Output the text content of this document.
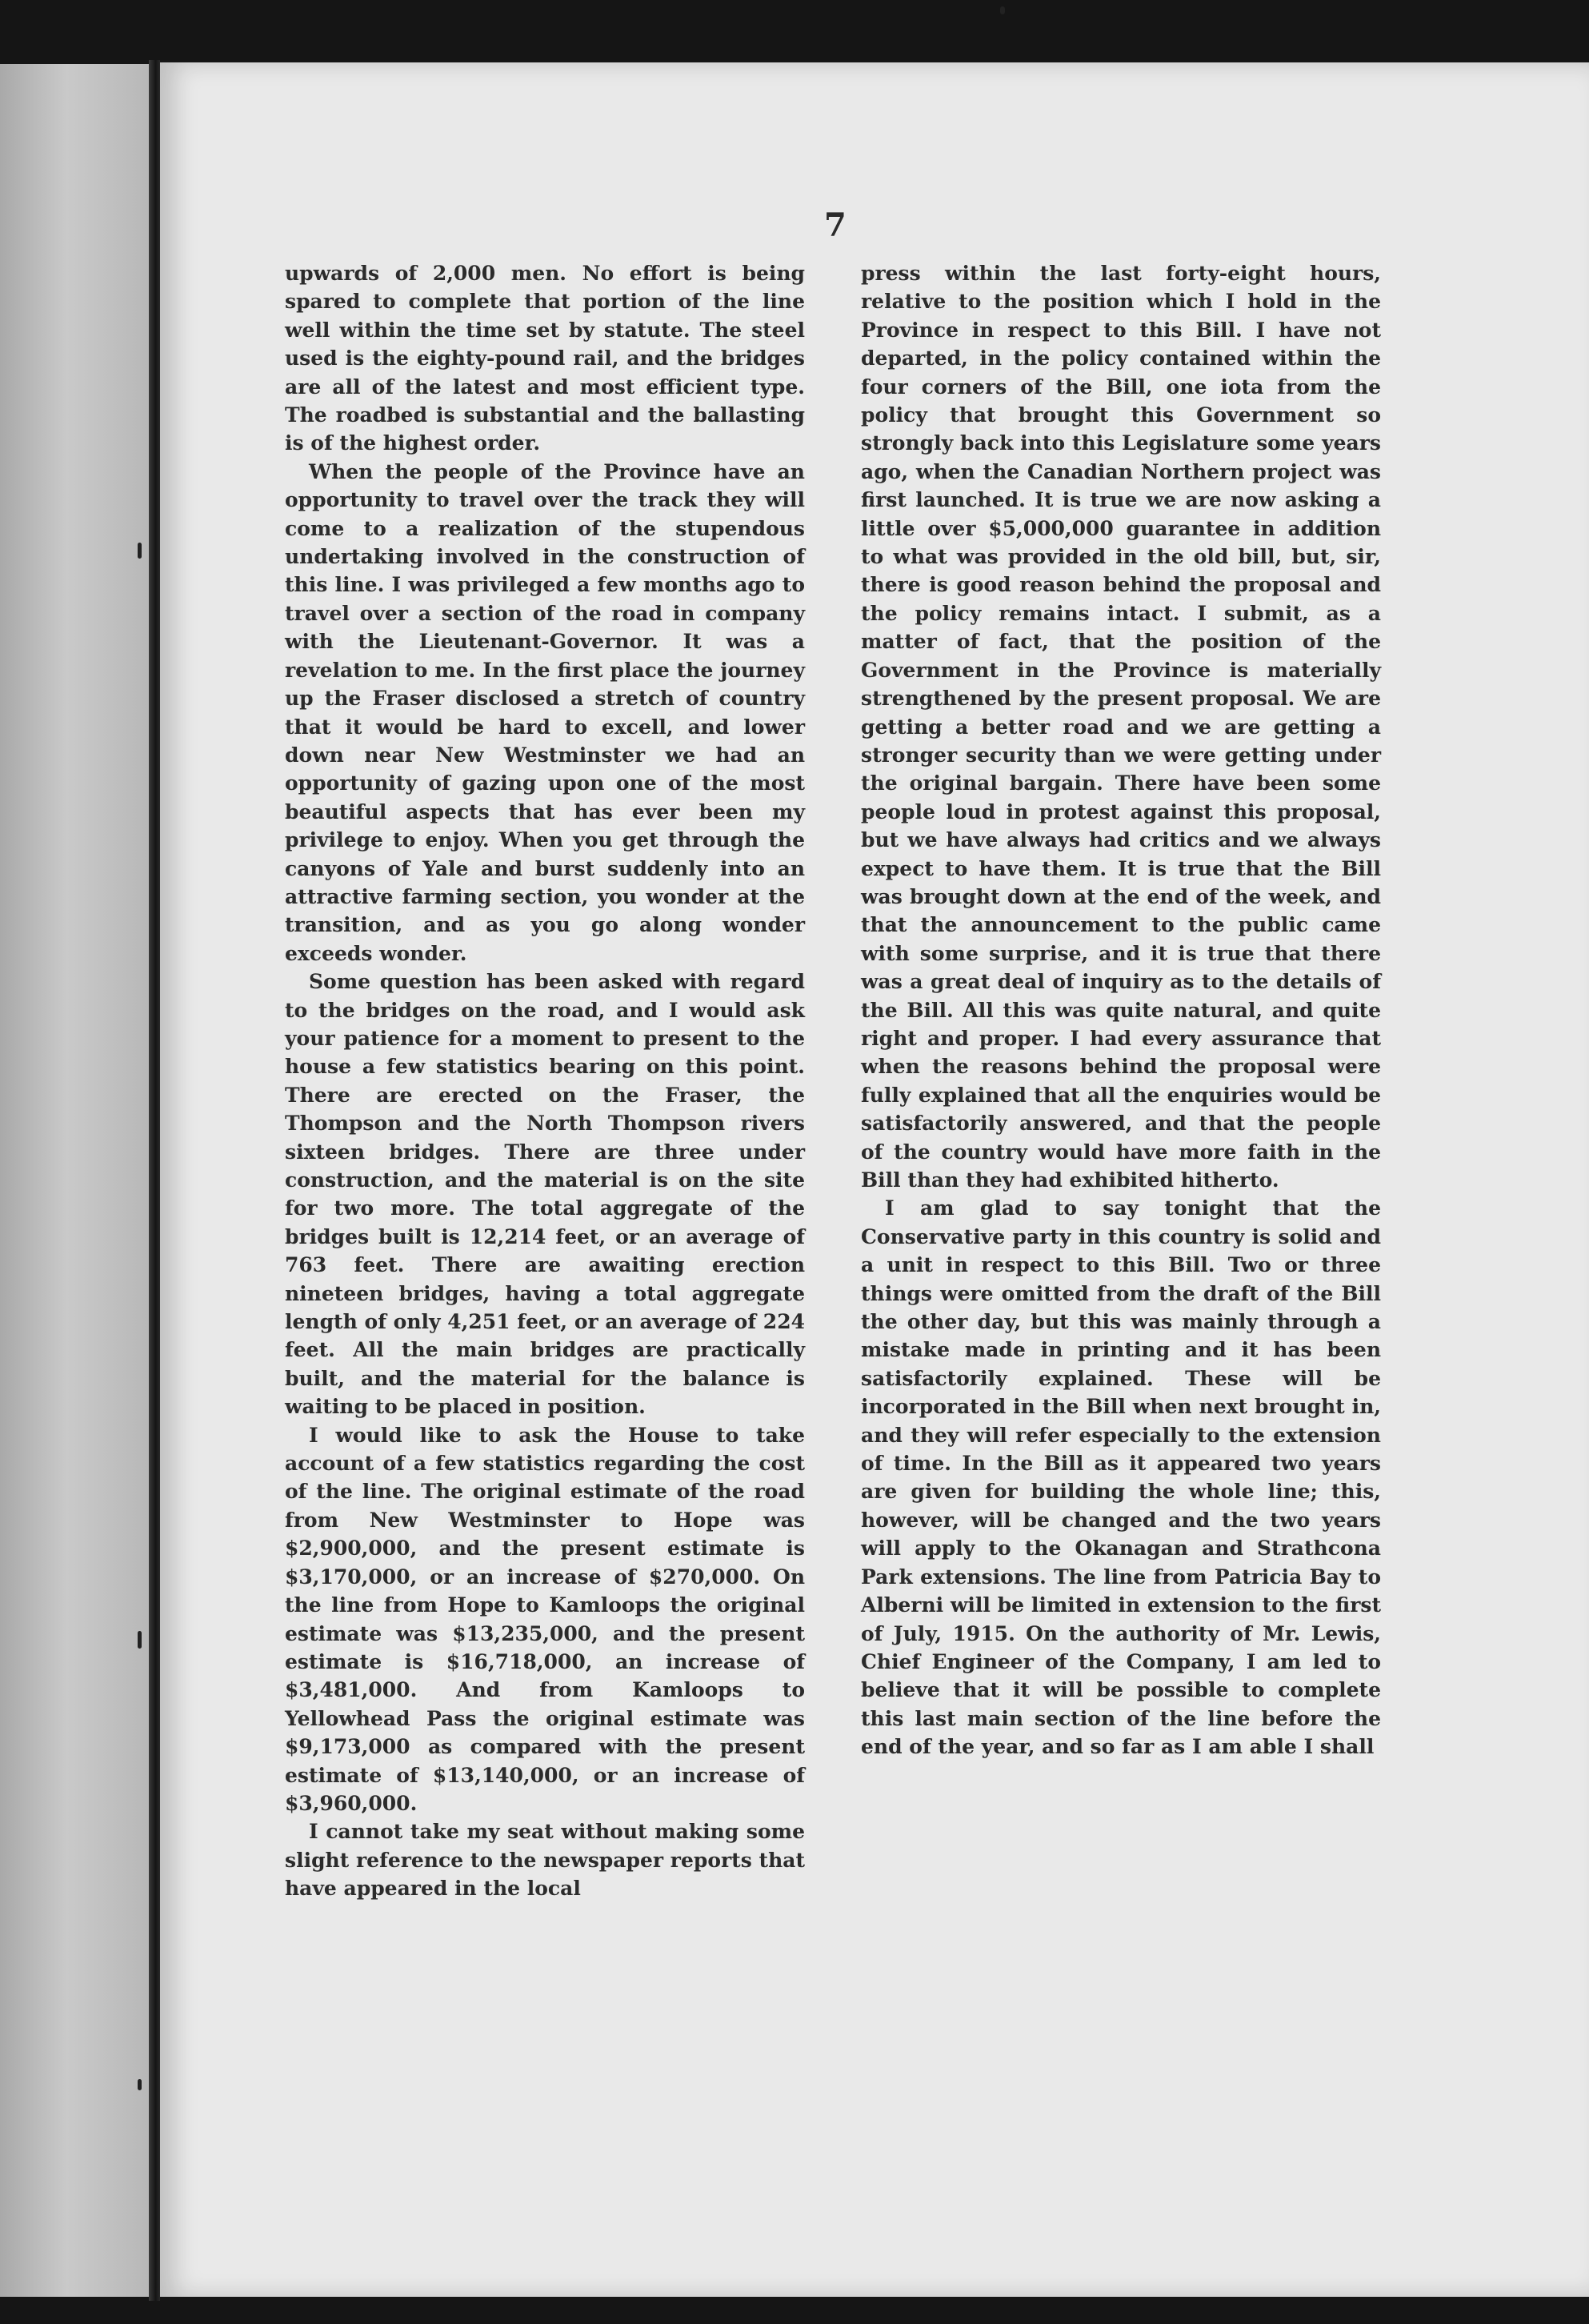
7

upwards of 2,000 men. No effort is being spared to complete that portion of the line well within the time set by statute. The steel used is the eighty-pound rail, and the bridges are all of the latest and most efficient type. The roadbed is substantial and the ballasting is of the highest order.

When the people of the Province have an opportunity to travel over the track they will come to a realization of the stupendous undertaking involved in the construction of this line. I was privileged a few months ago to travel over a section of the road in company with the Lieutenant-Governor. It was a revelation to me. In the first place the journey up the Fraser disclosed a stretch of country that it would be hard to excell, and lower down near New Westminster we had an opportunity of gazing upon one of the most beautiful aspects that has ever been my privilege to enjoy. When you get through the canyons of Yale and burst suddenly into an attractive farming section, you wonder at the transition, and as you go along wonder exceeds wonder.

Some question has been asked with regard to the bridges on the road, and I would ask your patience for a moment to present to the house a few statistics bearing on this point. There are erected on the Fraser, the Thompson and the North Thompson rivers sixteen bridges. There are three under construction, and the material is on the site for two more. The total aggregate of the bridges built is 12,214 feet, or an average of 763 feet. There are awaiting erection nineteen bridges, having a total aggregate length of only 4,251 feet, or an average of 224 feet. All the main bridges are practically built, and the material for the balance is waiting to be placed in position.

I would like to ask the House to take account of a few statistics regarding the cost of the line. The original estimate of the road from New Westminster to Hope was $2,900,000, and the present estimate is $3,170,000, or an increase of $270,000. On the line from Hope to Kamloops the original estimate was $13,235,000, and the present estimate is $16,718,000, an increase of $3,481,000. And from Kamloops to Yellowhead Pass the original estimate was $9,173,000 as compared with the present estimate of $13,140,000, or an increase of $3,960,000.

I cannot take my seat without making some slight reference to the newspaper reports that have appeared in the local

press within the last forty-eight hours, relative to the position which I hold in the Province in respect to this Bill. I have not departed, in the policy contained within the four corners of the Bill, one iota from the policy that brought this Government so strongly back into this Legislature some years ago, when the Canadian Northern project was first launched. It is true we are now asking a little over $5,000,000 guarantee in addition to what was provided in the old bill, but, sir, there is good reason behind the proposal and the policy remains intact. I submit, as a matter of fact, that the position of the Government in the Province is materially strengthened by the present proposal. We are getting a better road and we are getting a stronger security than we were getting under the original bargain. There have been some people loud in protest against this proposal, but we have always had critics and we always expect to have them. It is true that the Bill was brought down at the end of the week, and that the announcement to the public came with some surprise, and it is true that there was a great deal of inquiry as to the details of the Bill. All this was quite natural, and quite right and proper. I had every assurance that when the reasons behind the proposal were fully explained that all the enquiries would be satisfactorily answered, and that the people of the country would have more faith in the Bill than they had exhibited hitherto.

I am glad to say tonight that the Conservative party in this country is solid and a unit in respect to this Bill. Two or three things were omitted from the draft of the Bill the other day, but this was mainly through a mistake made in printing and it has been satisfactorily explained. These will be incorporated in the Bill when next brought in, and they will refer especially to the extension of time. In the Bill as it appeared two years are given for building the whole line; this, however, will be changed and the two years will apply to the Okanagan and Strathcona Park extensions. The line from Patricia Bay to Alberni will be limited in extension to the first of July, 1915. On the authority of Mr. Lewis, Chief Engineer of the Company, I am led to believe that it will be possible to complete this last main section of the line before the end of the year, and so far as I am able I shall
